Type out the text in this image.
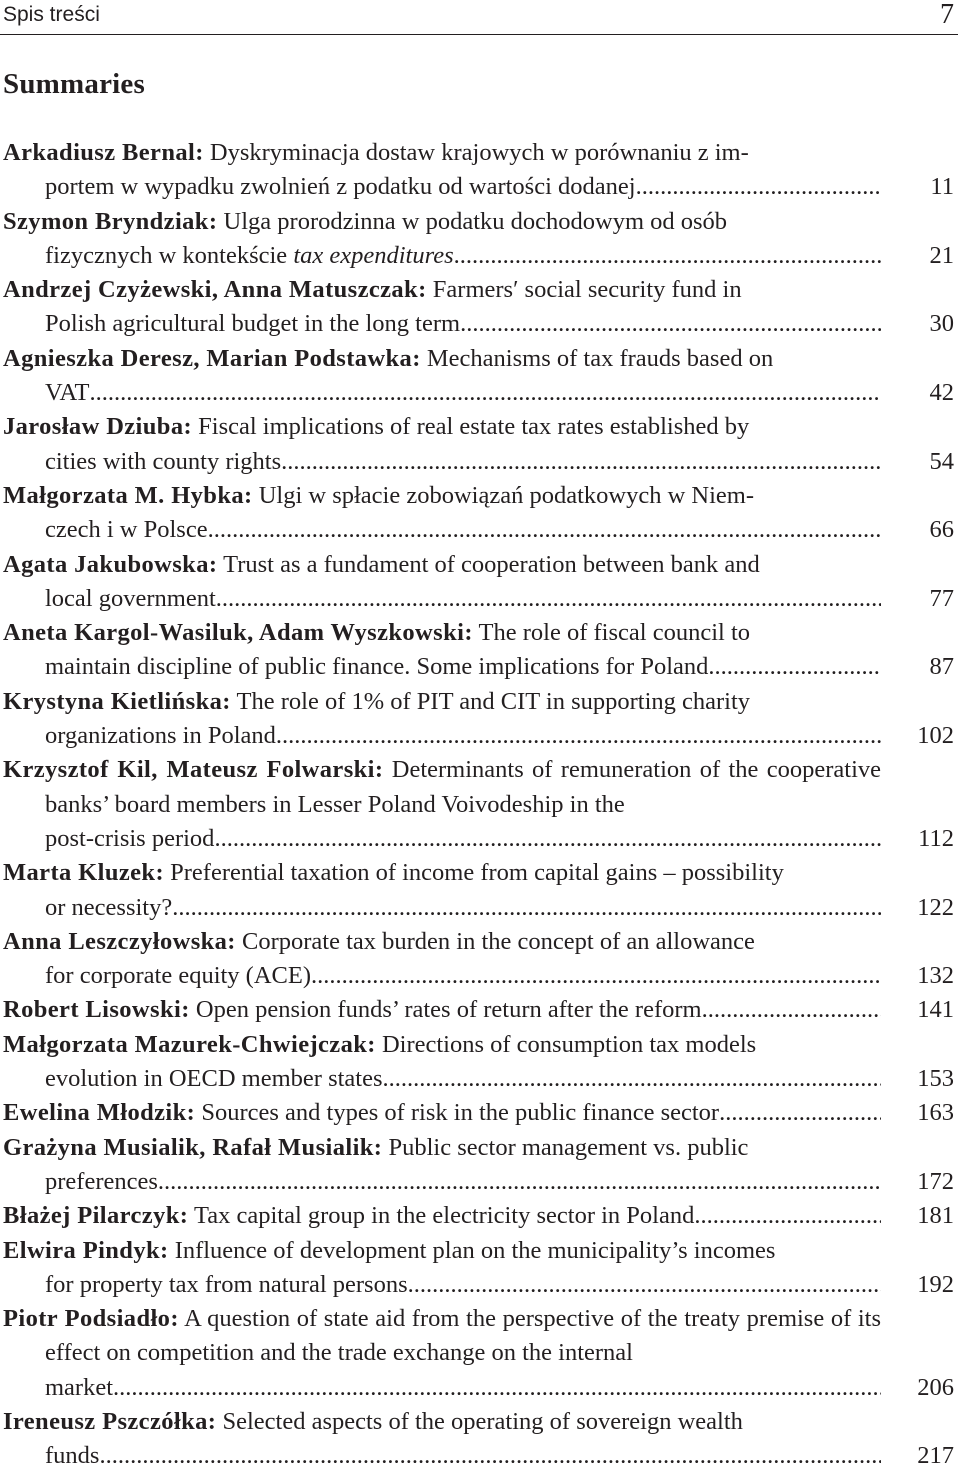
Spis treści	7
Summaries
Arkadiusz Bernal: Dyskryminacja dostaw krajowych w porównaniu z im-
portem w wypadku zwolnień z podatku od wartości dodanej .....	11
Szymon Bryndziak: Ulga prorodzinna w podatku dochodowym od osób
fizycznych w kontekście tax expenditures .....	21
Andrzej Czyżewski, Anna Matuszczak: Farmers′ social security fund in
Polish agricultural budget in the long term .....	30
Agnieszka Deresz, Marian Podstawka: Mechanisms of tax frauds based on
VAT .....	42
Jarosław Dziuba: Fiscal implications of real estate tax rates established by
cities with county rights .....	54
Małgorzata M. Hybka: Ulgi w spłacie zobowiązań podatkowych w Niem-
czech i w Polsce .....	66
Agata Jakubowska: Trust as a fundament of cooperation between bank and
local government .....	77
Aneta Kargol-Wasiluk, Adam Wyszkowski: The role of fiscal council to
maintain discipline of public finance. Some implications for Poland .....	87
Krystyna Kietlińska: The role of 1% of PIT and CIT in supporting charity
organizations in Poland .....	102
Krzysztof Kil, Mateusz Folwarski: Determinants of remuneration of the cooperative banks’ board members in Lesser Poland Voivodeship in the
post-crisis period .....	112
Marta Kluzek: Preferential taxation of income from capital gains – possibility
or necessity? .....	122
Anna Leszczyłowska: Corporate tax burden in the concept of an allowance
for corporate equity (ACE) .....	132
Robert Lisowski: Open pension funds’ rates of return after the reform .....	141
Małgorzata Mazurek-Chwiejczak: Directions of consumption tax models
evolution in OECD member states .....	153
Ewelina Młodzik: Sources and types of risk in the public finance sector .....	163
Grażyna Musialik, Rafał Musialik: Public sector management vs. public
preferences .....	172
Błażej Pilarczyk: Tax capital group in the electricity sector in Poland .....	181
Elwira Pindyk: Influence of development plan on the municipality’s incomes
for property tax from natural persons .....	192
Piotr Podsiadło: A question of state aid from the perspective of the treaty premise of its effect on competition and the trade exchange on the internal
market .....	206
Ireneusz Pszczółka: Selected aspects of the operating of sovereign wealth
funds .....	217
